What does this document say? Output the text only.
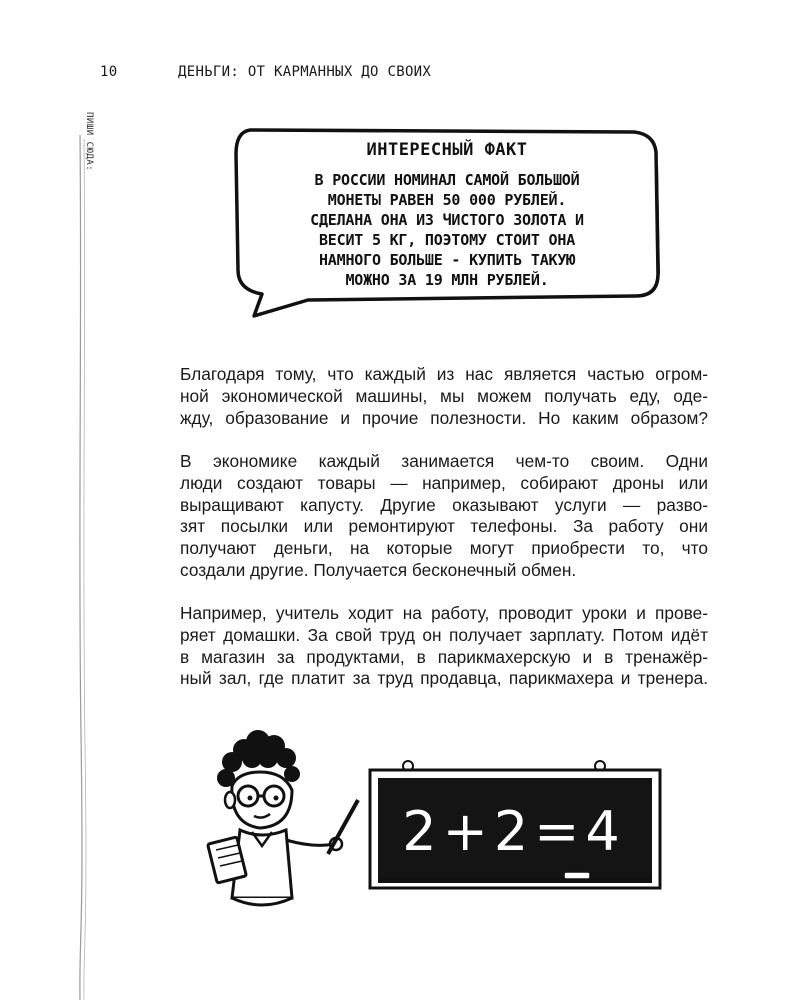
10	ДЕНЬГИ: ОТ КАРМАННЫХ ДО СВОИХ
ПИШИ СЮДА:	ИНТЕРЕСНЫЙ ФАКТ
В РОССИИ НОМИНАЛ САМОЙ БОЛЬШОЙ
МОНЕТЫ РАВЕН 50 000 РУБЛЕЙ.
СДЕЛАНА ОНА ИЗ ЧИСТОГО ЗОЛОТА И
ВЕСИТ 5 КГ, ПОЭТОМУ СТОИТ ОНА
НАМНОГО БОЛЬШЕ - КУПИТЬ ТАКУЮ
МОЖНО ЗА 19 МЛН РУБЛЕЙ.
Благодаря тому, что каждый из нас является частью огром-
ной экономической машины, мы можем получать еду, оде-
жду, образование и прочие полезности. Но каким образом?
В экономике каждый занимается чем-то своим. Одни
люди создают товары — например, собирают дроны или
выращивают капусту. Другие оказывают услуги — разво-
зят посылки или ремонтируют телефоны. За работу они
получают деньги, на которые могут приобрести то, что
создали другие. Получается бесконечный обмен.
Например, учитель ходит на работу, проводит уроки и прове-
ряет домашки. За свой труд он получает зарплату. Потом идёт
в магазин за продуктами, в парикмахерскую и в тренажёр-
ный зал, где платит за труд продавца, парикмахера и тренера.
2+2=4
